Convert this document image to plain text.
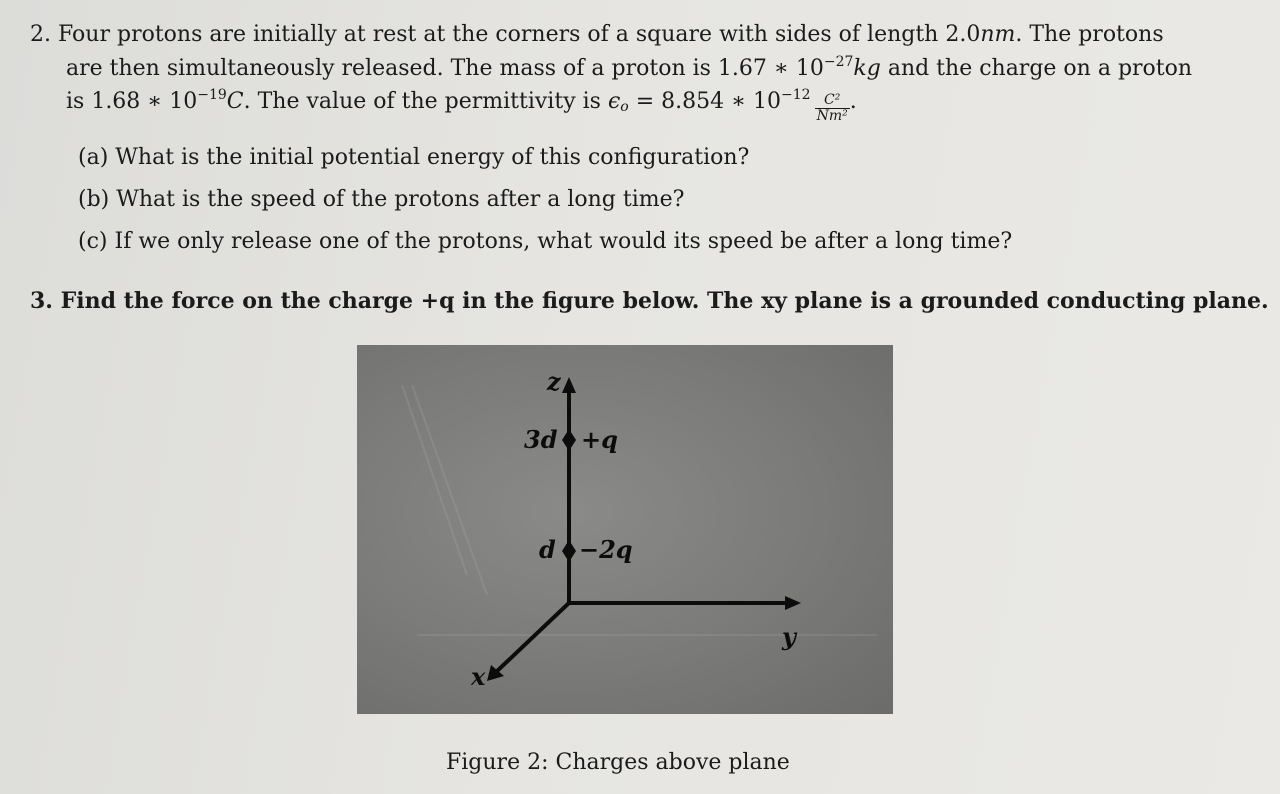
2. Four protons are initially at rest at the corners of a square with sides of length 2.0nm. The protons
are then simultaneously released. The mass of a proton is 1.67 ∗ $10^{-27}kg$ and the charge on a proton
is 1.68 ∗ $10^{-19}C$. The value of the permittivity is ϵo = 8.854 ∗ $10^{-12} \frac{\text{C²}}{\text{Nm²}}$ .
(a) What is the initial potential energy of this configuration?
(b) What is the speed of the protons after a long time?
(c) If we only release one of the protons, what would its speed be after a long time?
3. Find the force on the charge +q in the figure below. The xy plane is a grounded conducting plane.
z
3d +q
d −2q
y
x
Figure 2: Charges above plane
